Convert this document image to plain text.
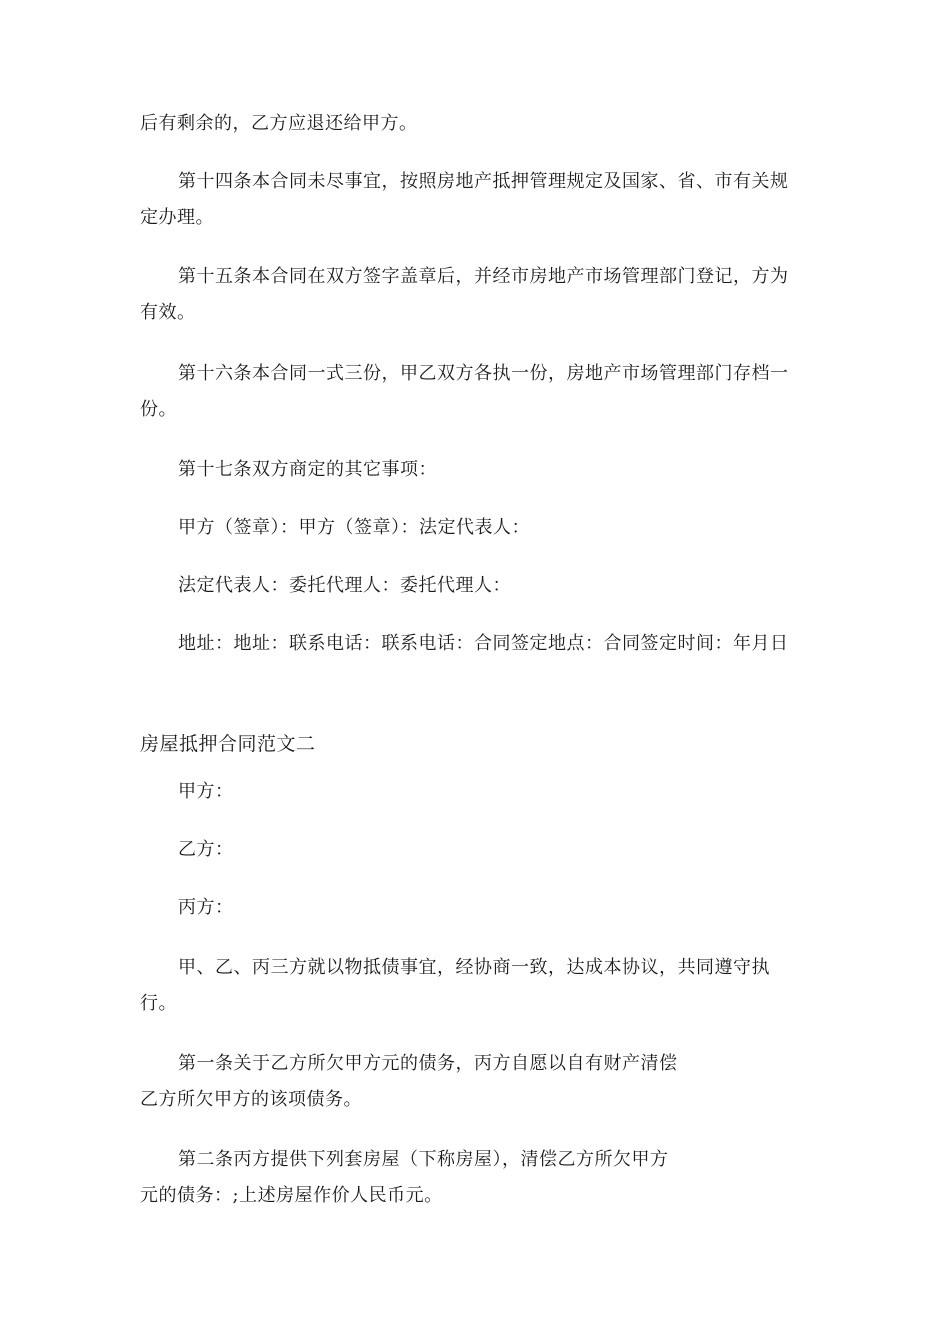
后有剩余的，乙方应退还给甲方。

第十四条本合同未尽事宜，按照房地产抵押管理规定及国家、省、市有关规定办理。

第十五条本合同在双方签字盖章后，并经市房地产市场管理部门登记，方为有效。

第十六条本合同一式三份，甲乙双方各执一份，房地产市场管理部门存档一份。

第十七条双方商定的其它事项：

甲方（签章）：甲方（签章）：法定代表人：

法定代表人：委托代理人：委托代理人：

地址：地址：联系电话：联系电话：合同签定地点：合同签定时间：年月日

房屋抵押合同范文二

甲方：

乙方：

丙方：

甲、乙、丙三方就以物抵债事宜，经协商一致，达成本协议，共同遵守执行。

第一条关于乙方所欠甲方元的债务，丙方自愿以自有财产清偿

乙方所欠甲方的该项债务。

第二条丙方提供下列套房屋（下称房屋），清偿乙方所欠甲方

元的债务：;上述房屋作价人民币元。
